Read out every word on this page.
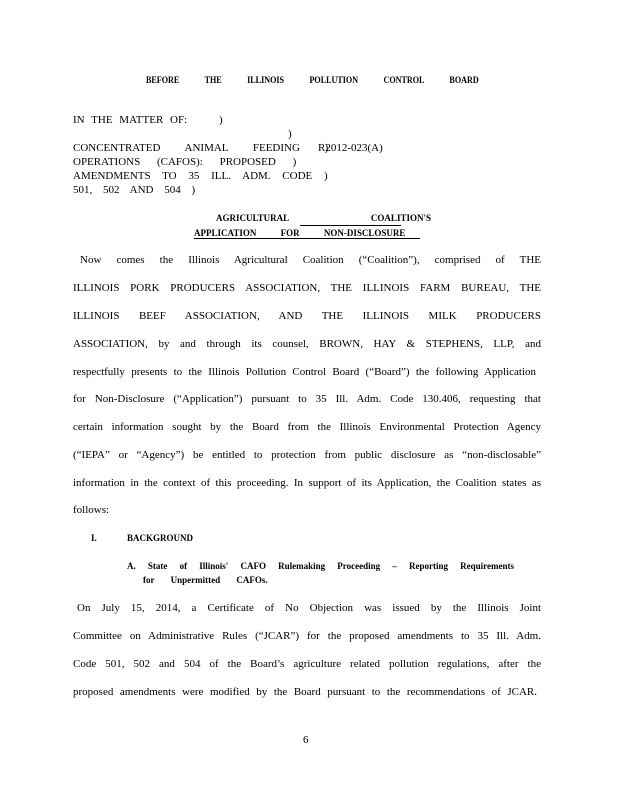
BEFORE THE ILLINOIS POLLUTION CONTROL BOARD
IN THE MATTER OF:	)
)
CONCENTRATED ANIMAL FEEDING )
R2012-023(A)
OPERATIONS (CAFOS): PROPOSED )
AMENDMENTS TO 35 ILL. ADM. CODE )
501, 502 AND 504 )
AGRICULTURAL COALITION'S
APPLICATION FOR NON-DISCLOSURE
Now comes the Illinois Agricultural Coalition (“Coalition”), comprised of THE
ILLINOIS PORK PRODUCERS ASSOCIATION, THE ILLINOIS FARM BUREAU, THE
ILLINOIS BEEF ASSOCIATION, AND THE ILLINOIS MILK PRODUCERS
ASSOCIATION, by and through its counsel, BROWN, HAY & STEPHENS, LLP, and
respectfully presents to the Illinois Pollution Control Board (“Board”) the following Application
for Non-Disclosure (“Application”) pursuant to 35 Ill. Adm. Code 130.406, requesting that
certain information sought by the Board from the Illinois Environmental Protection Agency
(“IEPA” or “Agency”) be entitled to protection from public disclosure as “non-disclosable”
information in the context of this proceeding. In support of its Application, the Coalition states as
follows:
I.	BACKGROUND
A. State of Illinois' CAFO Rulemaking Proceeding – Reporting Requirements
for Unpermitted CAFOs.
On July 15, 2014, a Certificate of No Objection was issued by the Illinois Joint
Committee on Administrative Rules (“JCAR”) for the proposed amendments to 35 Ill. Adm.
Code 501, 502 and 504 of the Board’s agriculture related pollution regulations, after the
proposed amendments were modified by the Board pursuant to the recommendations of JCAR.
6
